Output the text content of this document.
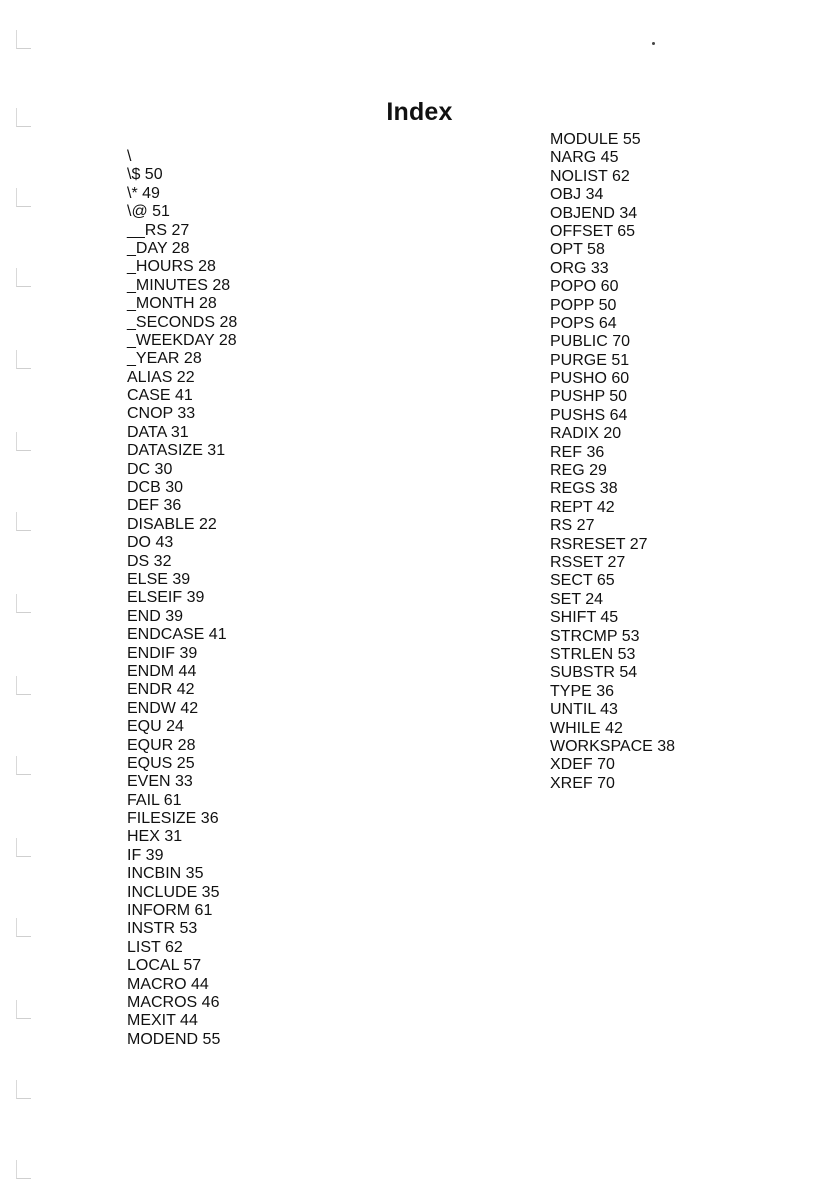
Index
\
\$ 50
\* 49
\@ 51
__RS 27
_DAY 28
_HOURS 28
_MINUTES 28
_MONTH 28
_SECONDS 28
_WEEKDAY 28
_YEAR 28
ALIAS 22
CASE 41
CNOP 33
DATA 31
DATASIZE 31
DC 30
DCB 30
DEF 36
DISABLE 22
DO 43
DS 32
ELSE 39
ELSEIF 39
END 39
ENDCASE 41
ENDIF 39
ENDM 44
ENDR 42
ENDW 42
EQU 24
EQUR 28
EQUS 25
EVEN 33
FAIL 61
FILESIZE 36
HEX 31
IF 39
INCBIN 35
INCLUDE 35
INFORM 61
INSTR 53
LIST 62
LOCAL 57
MACRO 44
MACROS 46
MEXIT 44
MODEND 55
MODULE 55
NARG 45
NOLIST 62
OBJ 34
OBJEND 34
OFFSET 65
OPT 58
ORG 33
POPO 60
POPP 50
POPS 64
PUBLIC 70
PURGE 51
PUSHO 60
PUSHP 50
PUSHS 64
RADIX 20
REF 36
REG 29
REGS 38
REPT 42
RS 27
RSRESET 27
RSSET 27
SECT 65
SET 24
SHIFT 45
STRCMP 53
STRLEN 53
SUBSTR 54
TYPE 36
UNTIL 43
WHILE 42
WORKSPACE 38
XDEF 70
XREF 70
